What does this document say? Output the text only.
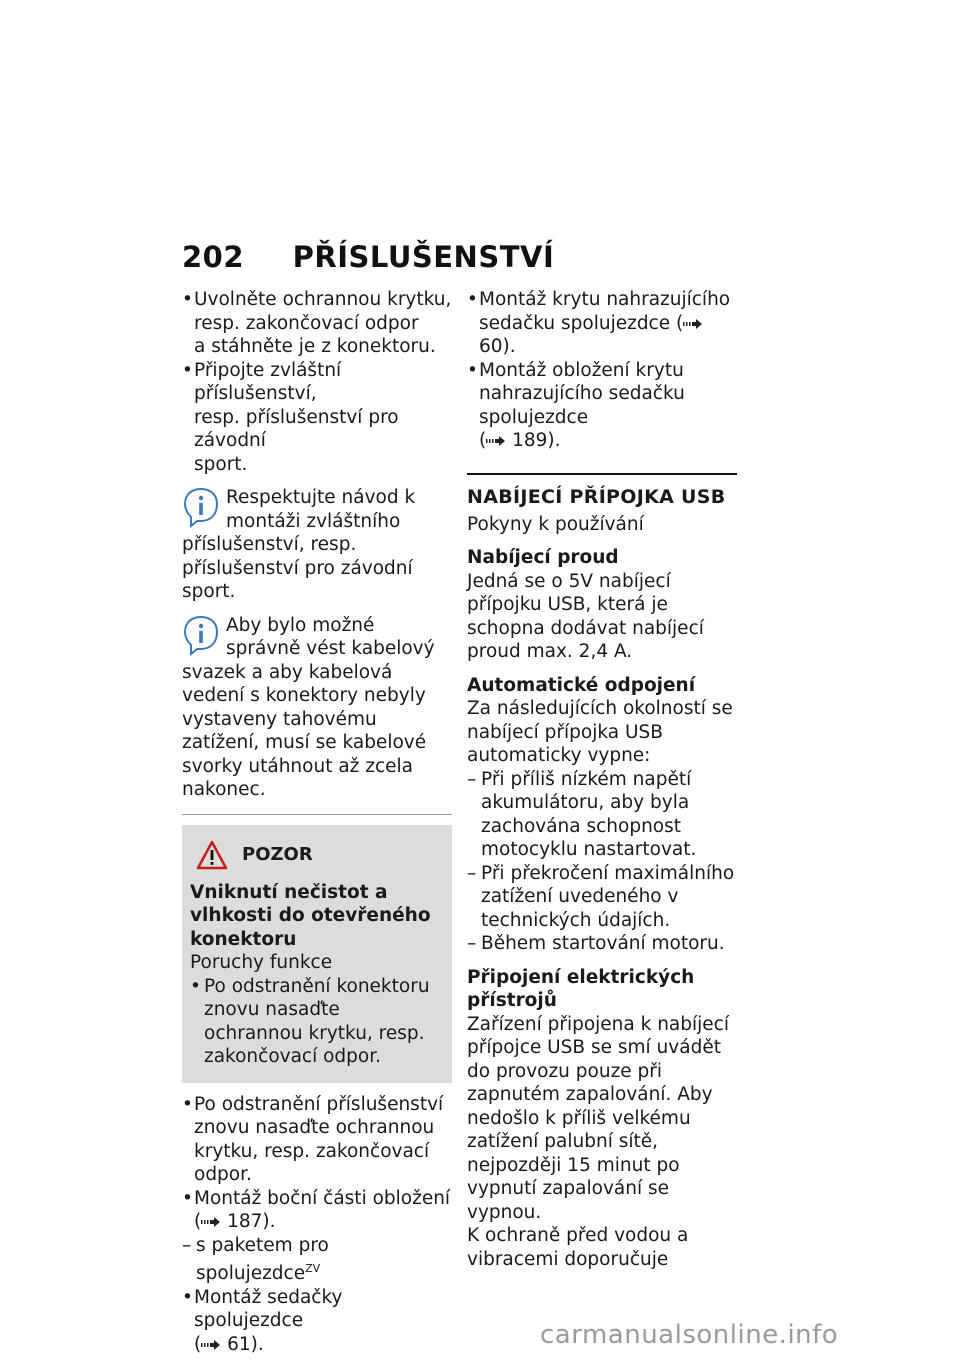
202 PŘÍSLUŠENSTVÍ
• Uvolněte ochrannou krytku,
resp. zakončovací odpor
a stáhněte je z konektoru.
• Připojte zvláštní příslušenství,
resp. příslušenství pro závodní
sport.

Respektujte návod k montáži zvláštního příslušenství, resp. příslušenství pro závodní sport.

Aby bylo možné správně vést kabelový svazek a aby kabelová vedení s konektory nebyly vystaveny tahovému zatížení, musí se kabelové svorky utáhnout až zcela nakonec.

POZOR

Vniknutí nečistot a vlhkosti do otevřeného konektoru

Poruchy funkce

• Po odstranění konektoru znovu nasaďte ochrannou krytku, resp. zakončovací odpor.
• Po odstranění příslušenství znovu nasaďte ochrannou krytku, resp. zakončovací odpor.
• Montáž boční části obložení
( 187).
– s paketem pro spolujezdce$^{ZV}$
• Montáž sedačky spolujezdce
( 61).
• Montáž krytu nahrazujícího sedačku spolujezdce ( 60).
• Montáž obložení krytu nahrazujícího sedačku spolujezdce
( 189).
NABÍJECÍ PŘÍPOJKA USB

Pokyny k používání

Nabíjecí proud

Jedná se o 5V nabíjecí přípojku USB, která je schopna dodávat nabíjecí proud max. 2,4 A.

Automatické odpojení

Za následujících okolností se nabíjecí přípojka USB automaticky vypne:

– Při příliš nízkém napětí akumulátoru, aby byla zachována schopnost motocyklu nastartovat.
– Při překročení maximálního zatížení uvedeného v technických údajích.
– Během startování motoru.
Připojení elektrických přístrojů

Zařízení připojena k nabíjecí přípojce USB se smí uvádět do provozu pouze při zapnutém zapalování. Aby nedošlo k příliš velkému zatížení palubní sítě, nejpozději 15 minut po vypnutí zapalování se vypnou.

K ochraně před vodou a vibracemi doporučuje

carmanualsonline.info
